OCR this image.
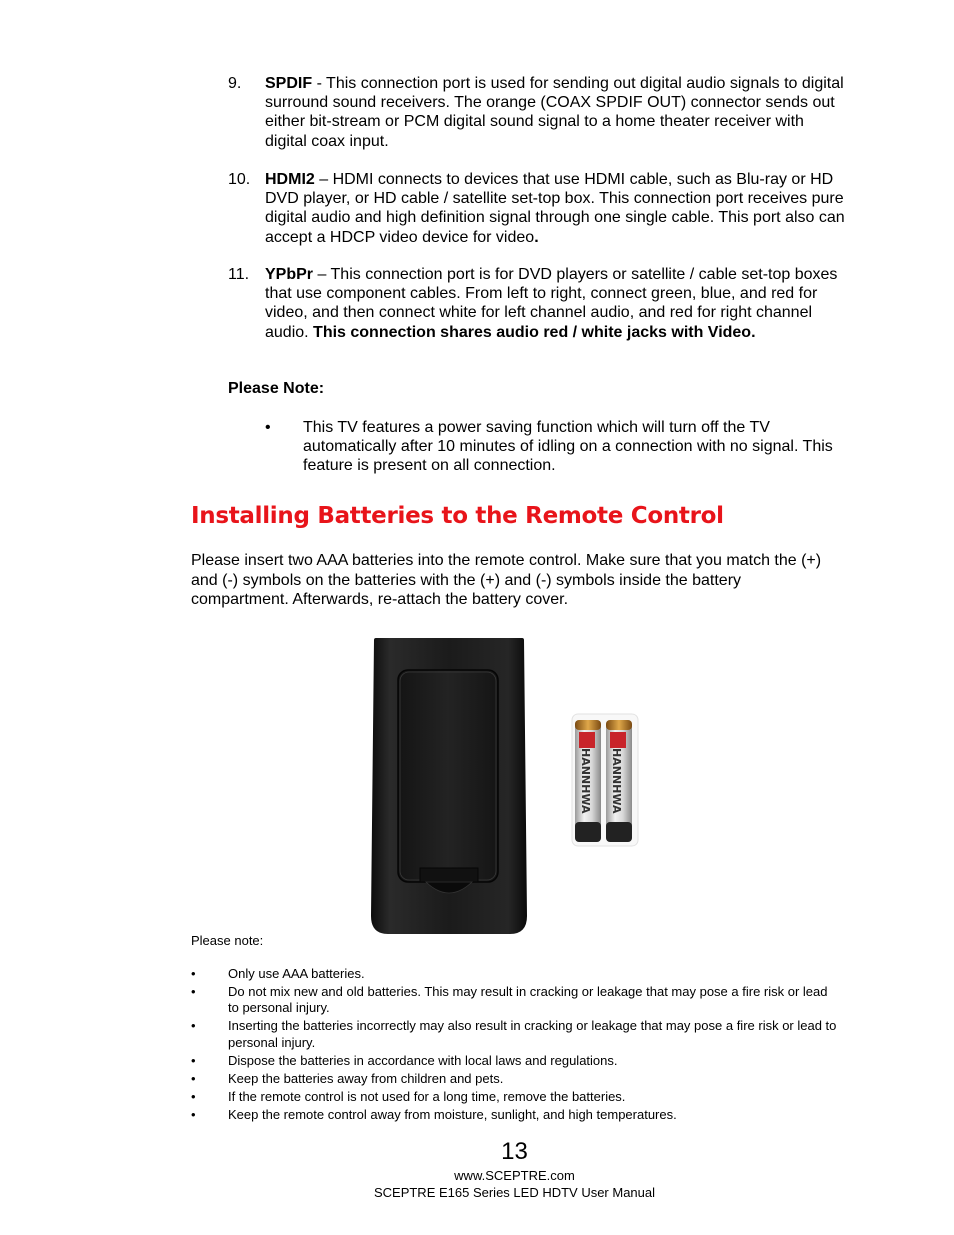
9.	SPDIF - This connection port is used for sending out digital audio signals to digital surround sound receivers. The orange (COAX SPDIF OUT) connector sends out either bit-stream or PCM digital sound signal to a home theater receiver with digital coax input.
10. HDMI2 – HDMI connects to devices that use HDMI cable, such as Blu-ray or HD DVD player, or HD cable / satellite set-top box. This connection port receives pure digital audio and high definition signal through one single cable. This port also can accept a HDCP video device for video.
11. YPbPr – This connection port is for DVD players or satellite / cable set-top boxes that use component cables. From left to right, connect green, blue, and red for video, and then connect white for left channel audio, and red for right channel audio. This connection shares audio red / white jacks with Video.
Please Note:
• This TV features a power saving function which will turn off the TV automatically after 10 minutes of idling on a connection with no signal. This feature is present on all connection.
Installing Batteries to the Remote Control

Please insert two AAA batteries into the remote control. Make sure that you match the (+) and (-) symbols on the batteries with the (+) and (-) symbols inside the battery compartment. Afterwards, re-attach the battery cover.

HANNHWA HANNHWA
Please note:
• Only use AAA batteries.
• Do not mix new and old batteries. This may result in cracking or leakage that may pose a fire risk or lead to personal injury.
• Inserting the batteries incorrectly may also result in cracking or leakage that may pose a fire risk or lead to personal injury.
• Dispose the batteries in accordance with local laws and regulations.
• Keep the batteries away from children and pets.
• If the remote control is not used for a long time, remove the batteries.
• Keep the remote control away from moisture, sunlight, and high temperatures.
13
www.SCEPTRE.com
SCEPTRE E165 Series LED HDTV User Manual
